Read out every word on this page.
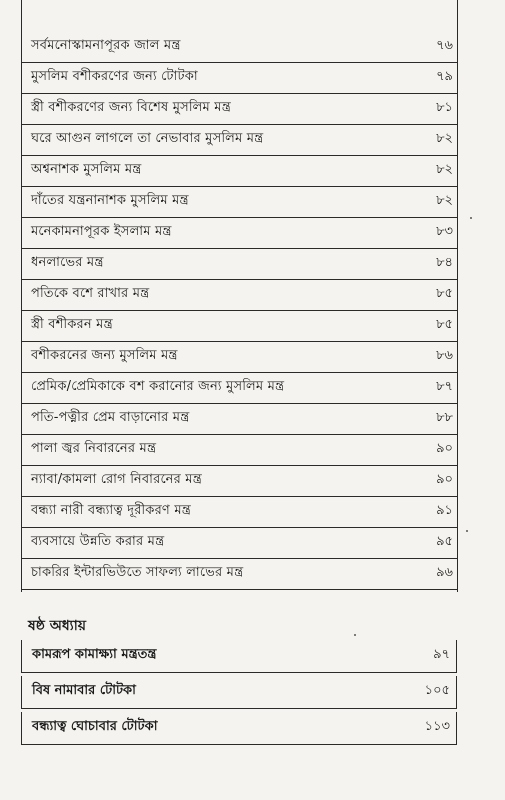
সর্বমনোস্কামনাপূরক জাল মন্ত্র	৭৬
মুসলিম বশীকরণের জন্য টোটকা	৭৯
স্ত্রী বশীকরণের জন্য বিশেষ মুসলিম মন্ত্র	৮১
ঘরে আগুন লাগলে তা নেভাবার মুসলিম মন্ত্র	৮২
অশ্বনাশক মুসলিম মন্ত্র	৮২
দাঁতের যন্ত্রনানাশক মুসলিম মন্ত্র	৮২
মনেকামনাপূরক ইসলাম মন্ত্র	৮৩
ধনলাভের মন্ত্র	৮৪
পতিকে বশে রাখার মন্ত্র	৮৫
স্ত্রী বশীকরন মন্ত্র	৮৫
বশীকরনের জন্য মুসলিম মন্ত্র	৮৬
প্রেমিক/প্রেমিকাকে বশ করানোর জন্য মুসলিম মন্ত্র	৮৭
পতি-পত্নীর প্রেম বাড়ানোর মন্ত্র	৮৮
পালা জ্বর নিবারনের মন্ত্র	৯০
ন্যাবা/কামলা রোগ নিবারনের মন্ত্র	৯০
বন্ধ্যা নারী বন্ধ্যাত্ব দূরীকরণ মন্ত্র	৯১
ব্যবসায়ে উন্নতি করার মন্ত্র	৯৫
চাকরির ইন্টারভিউতে সাফল্য লাভের মন্ত্র	৯৬
ষষ্ঠ অধ্যায়
কামরূপ কামাক্ষ্যা মন্ত্রতন্ত্র	৯৭
বিষ নামাবার টোটকা	১০৫
বন্ধ্যাত্ব ঘোচাবার টোটকা	১১৩
